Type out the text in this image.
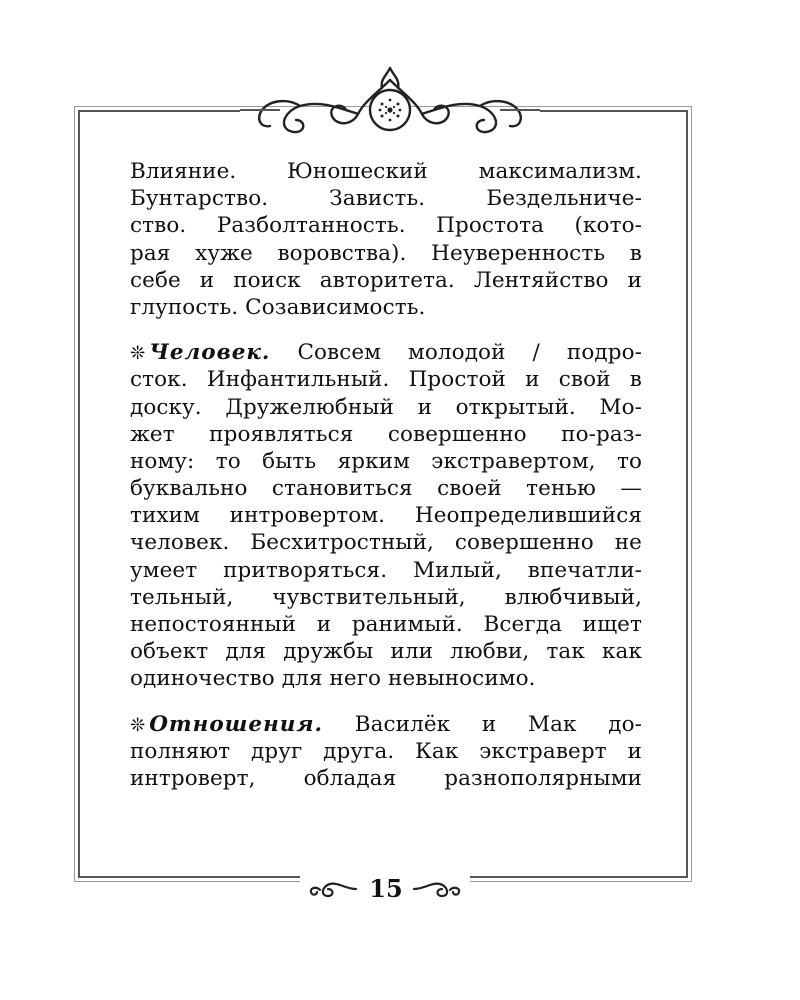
Влияние. Юношеский максимализм.
Бунтарство. Зависть. Бездельниче-
ство. Разболтанность. Простота (кото-
рая хуже воровства). Неуверенность в
себе и поиск авторитета. Лентяйство и
глупость. Созависимость.
❊ Человек. Совсем молодой / подро-
сток. Инфантильный. Простой и свой в
доску. Дружелюбный и открытый. Мо-
жет проявляться совершенно по-раз-
ному: то быть ярким экстравертом, то
буквально становиться своей тенью —
тихим интровертом. Неопределившийся
человек. Бесхитростный, совершенно не
умеет притворяться. Милый, впечатли-
тельный, чувствительный, влюбчивый,
непостоянный и ранимый. Всегда ищет
объект для дружбы или любви, так как
одиночество для него невыносимо.
❊ Отношения. Василёк и Мак до-
полняют друг друга. Как экстраверт и
интроверт, обладая разнополярными
15
